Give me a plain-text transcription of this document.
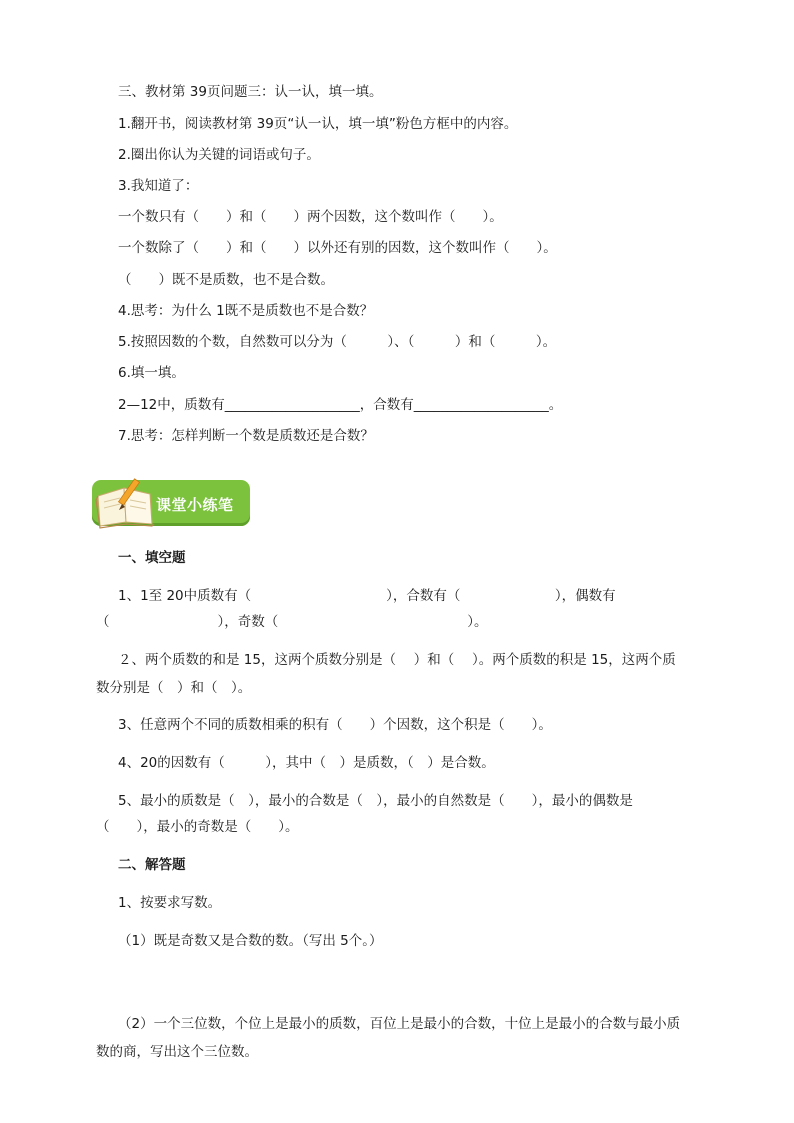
三、教材第 39页问题三：认一认，填一填。
1.翻开书，阅读教材第 39页“认一认，填一填”粉色方框中的内容。
2.圈出你认为关键的词语或句子。
3.我知道了：
一个数只有（　　）和（　　）两个因数，这个数叫作（　　）。
一个数除了（　　）和（　　）以外还有别的因数，这个数叫作（　　）。
（　　）既不是质数，也不是合数。
4.思考：为什么 1既不是质数也不是合数？
5.按照因数的个数，自然数可以分为（　　　）、（　　　）和（　　　）。
6.填一填。
2—12中，质数有____________________，合数有____________________。
7.思考：怎样判断一个数是质数还是合数？
课堂小练笔
一、填空题
1、1至 20中质数有（　　　　　　　　　　），合数有（　　　　　　　），偶数有
（　　　　　　　　），奇数（　　　　　　　　　　　　　　）。
２、两个质数的和是 15，这两个质数分别是（　 ）和（　 ）。两个质数的积是 15，这两个质
数分别是（　）和（　）。
3、任意两个不同的质数相乘的积有（　　）个因数，这个积是（　　）。
4、20的因数有（　　　），其中（　）是质数，（　）是合数。
5、最小的质数是（　），最小的合数是（　），最小的自然数是（　　），最小的偶数是
（　　），最小的奇数是（　　）。
二、解答题
1、按要求写数。
（1）既是奇数又是合数的数。（写出 5个。）
（2）一个三位数，个位上是最小的质数，百位上是最小的合数，十位上是最小的合数与最小质
数的商，写出这个三位数。
